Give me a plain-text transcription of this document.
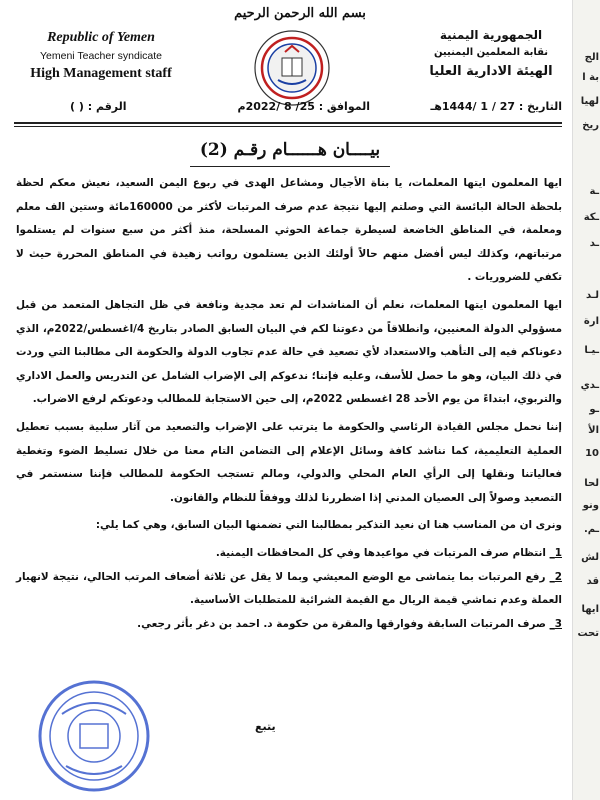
بسم الله الرحمن الرحيم
Republic of Yemen
Yemeni Teacher syndicate
High Management staff
الرقم : ( )
الجمهورية اليمنية
نقابة المعلمين اليمنيين
الهيئة الادارية العليا
التاريخ : 27 / 1 /1444هـ
الموافق : 25/ 8 /2022م
بيــــان هــــــام رقـم (2)

ايها المعلمون ايتها المعلمات، يا بناة الأجيال ومشاعل الهدى في ربوع اليمن السعيد، نعيش معكم لحظة بلحظة الحالة البائسة التي وصلتم إليها نتيجة عدم صرف المرتبات لأكثر من 160000مائة وستين الف معلم ومعلمة، في المناطق الخاضعة لسيطرة جماعة الحوثي المسلحة، منذ أكثر من سبع سنوات لم يستلموا مرتباتهم، وكذلك ليس أفضل منهم حالاً أولئك الذين يستلمون رواتب زهيدة في المناطق المحررة حيث لا تكفي للضروريات .

ايها المعلمون ايتها المعلمات، نعلم أن المناشدات لم تعد مجدية ونافعة في ظل التجاهل المتعمد من قبل مسؤولي الدولة المعنيين، وانطلاقاً من دعوتنا لكم في البيان السابق الصادر بتاريخ 4/اغسطس/2022م، الذي دعوناكم فيه إلى التأهب والاستعداد لأي تصعيد في حالة عدم تجاوب الدولة والحكومة الى مطالبنا التي وردت في ذلك البيان، وهو ما حصل للأسف، وعليه فإننا؛ ندعوكم إلى الإضراب الشامل عن التدريس والعمل الاداري والتربوي، ابتداءً من يوم الأحد 28 اغسطس 2022م، إلى حين الاستجابة للمطالب ودعوتكم لرفع الاضراب.

إننا نحمل مجلس القيادة الرئاسي والحكومة ما يترتب على الإضراب والتصعيد من آثار سلبية بسبب تعطيل العملية التعليمية، كما نناشد كافة وسائل الإعلام إلى التضامن التام معنا من خلال تسليط الضوء وتغطية فعالياتنا ونقلها إلى الرأي العام المحلي والدولي، ومالم تستجب الحكومة للمطالب فإننا سنستمر في التصعيد وصولاً إلى العصيان المدني إذا اضطررنا لذلك ووفقاً للنظام والقانون.

ونرى ان من المناسب هنا ان نعيد التذكير بمطالبنا التي تضمنها البيان السابق، وهي كما يلي:

1_ انتظام صرف المرتبات في مواعيدها وفي كل المحافظات اليمنية.
2_ رفع المرتبات بما يتماشى مع الوضع المعيشي وبما لا يقل عن ثلاثة أضعاف المرتب الحالي، نتيجة لانهيار العملة وعدم تماشي قيمة الريال مع القيمة الشرائية للمتطلبات الأساسية.
3_ صرف المرتبات السابقة وفوارقها والمقرة من حكومة د. احمد بن دغر بأثر رجعي.
يتبع
الج
بة ا
لهيا
ريخ
ـة
ـكة
ـد
لـد
ارة
ـيـا
ـدي
ـو
الأ
10
لحا
ونو
ـم.
لش
قد
ايها
تحت
